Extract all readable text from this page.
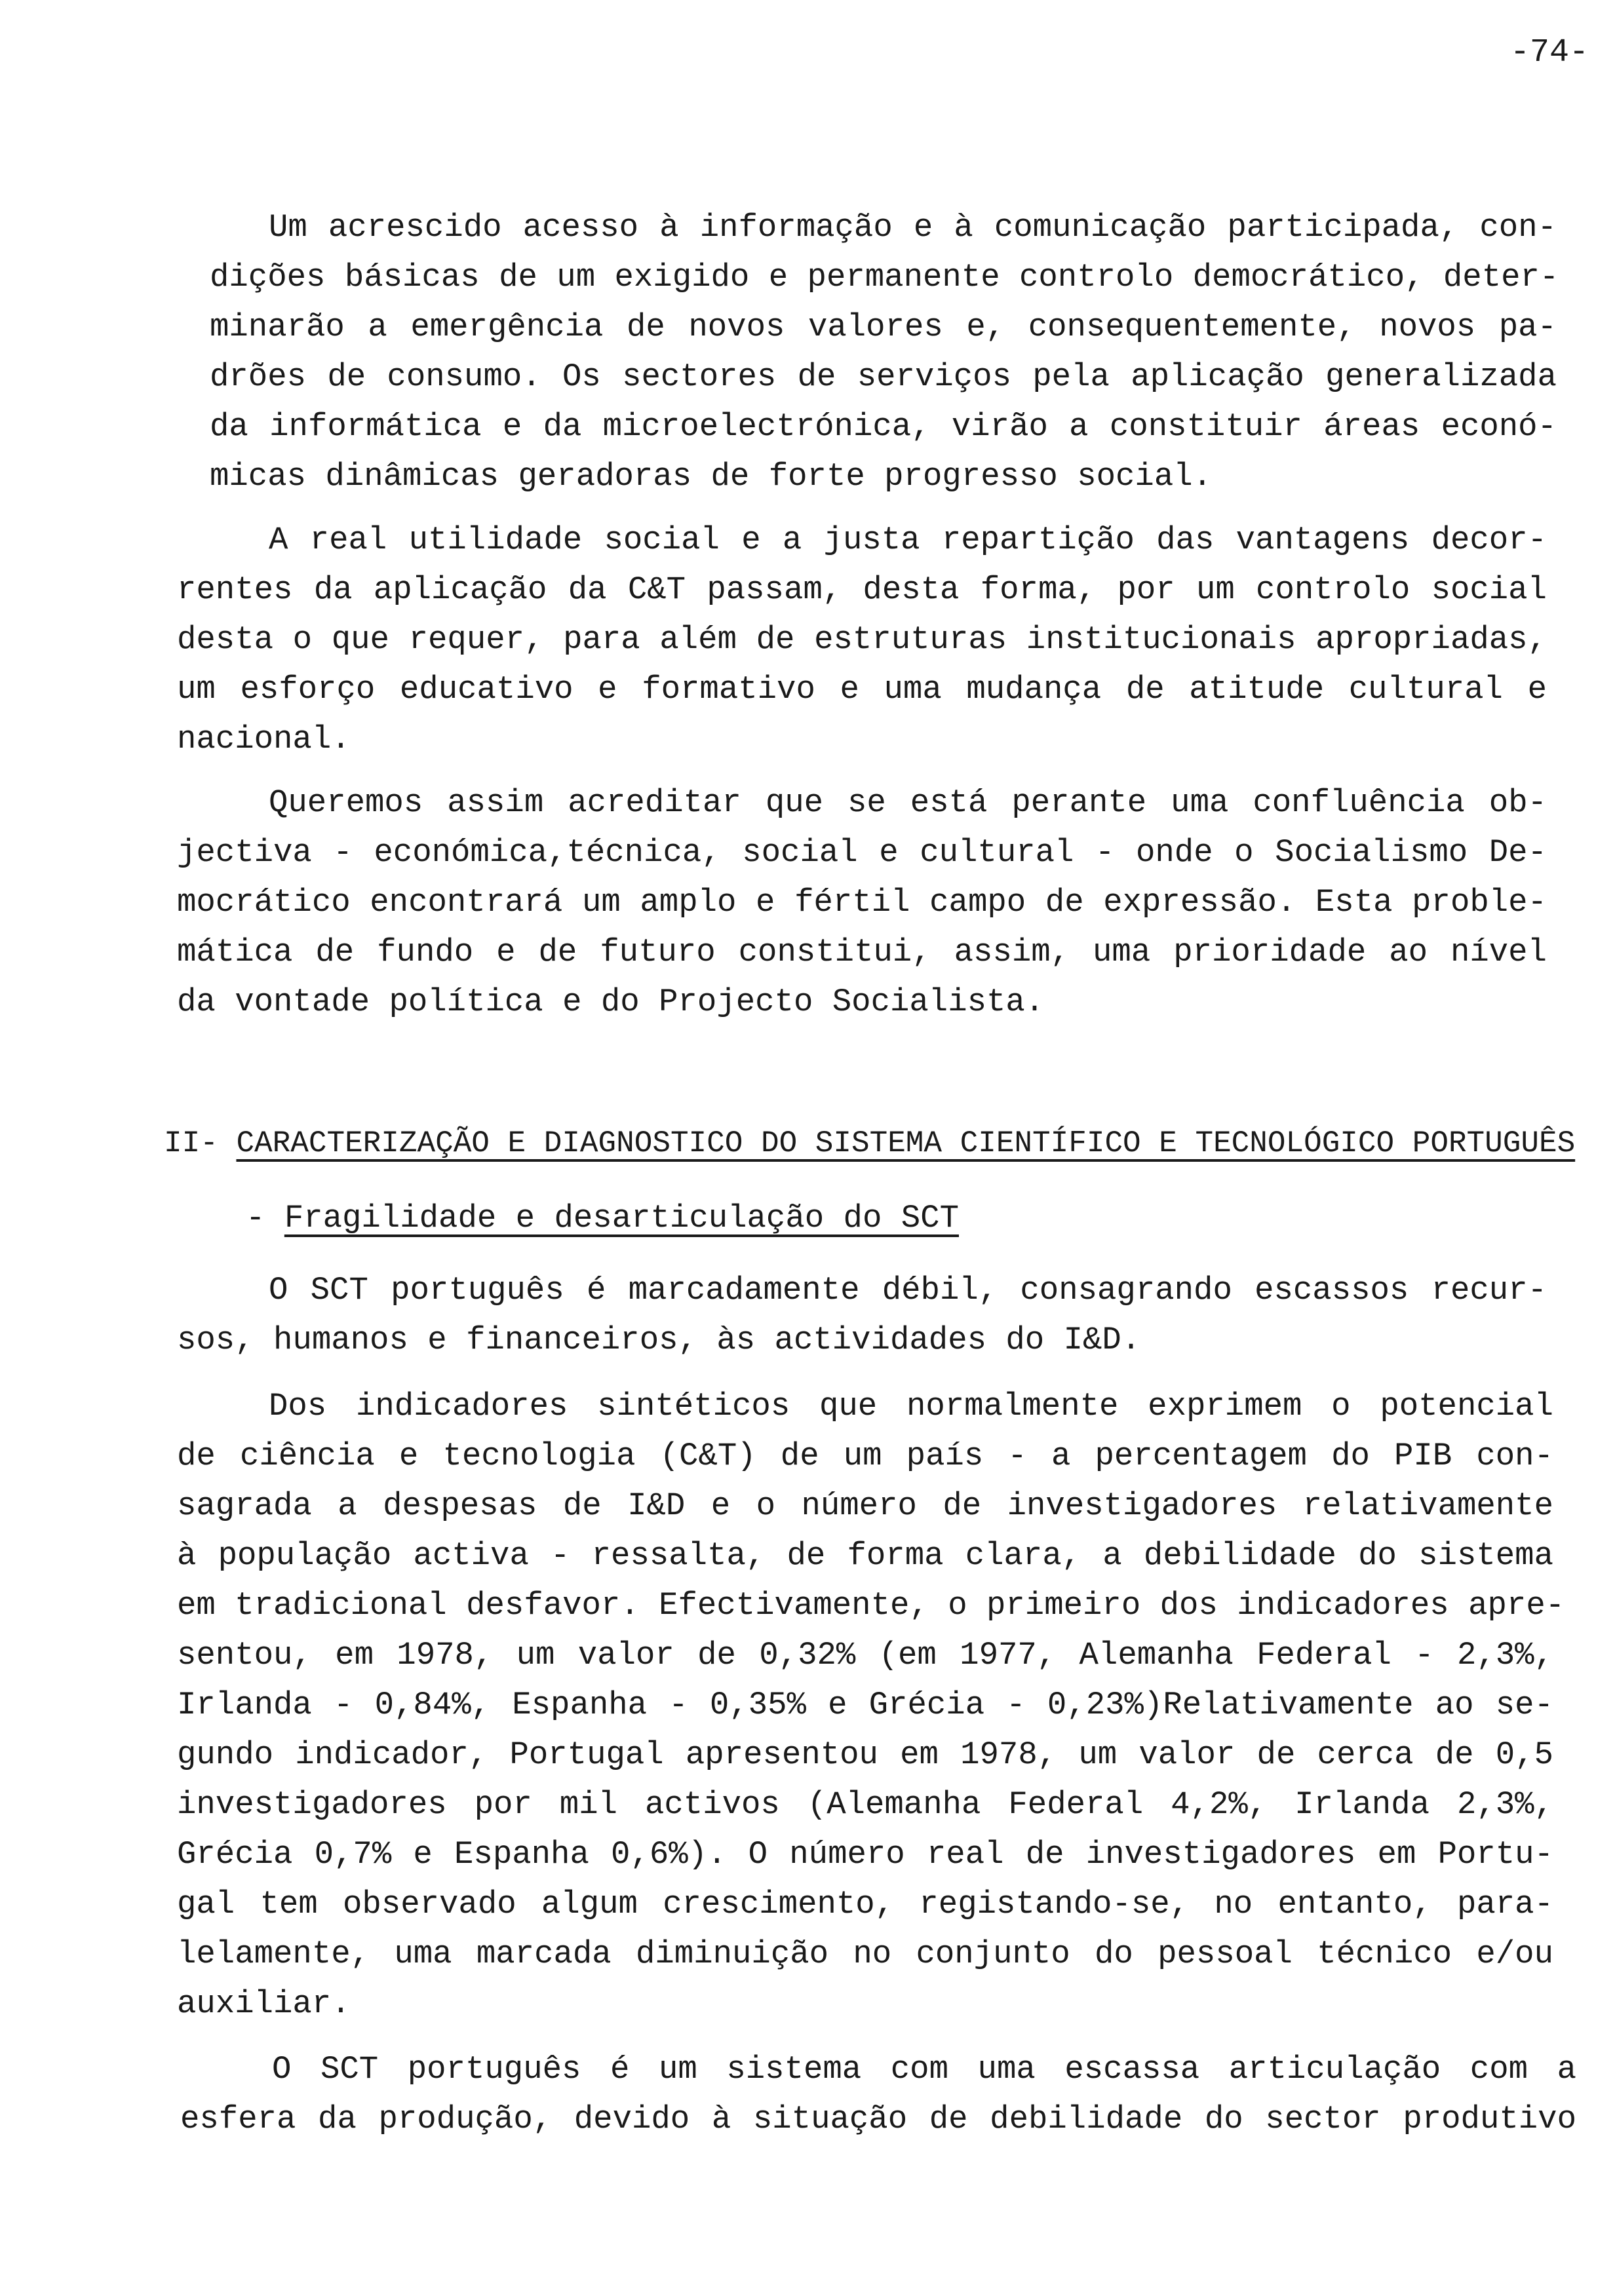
-74-
Um acrescido acesso à informação e à comunicação participada, con-
dições básicas de um exigido e permanente controlo democrático, deter-
minarão a emergência de novos valores e, consequentemente, novos pa-
drões de consumo. Os sectores de serviços pela aplicação generalizada
da informática e da microelectrónica, virão a constituir áreas econó-
micas dinâmicas geradoras de forte progresso social.
A real utilidade social e a justa repartição das vantagens decor-
rentes da aplicação da C&T passam, desta forma, por um controlo social
desta o que requer, para além de estruturas institucionais apropriadas,
um esforço educativo e formativo e uma mudança de atitude cultural e
nacional.
Queremos assim acreditar que se está perante uma confluência ob-
jectiva - económica,técnica, social e cultural - onde o Socialismo De-
mocrático encontrará um amplo e fértil campo de expressão. Esta proble-
mática de fundo e de futuro constitui, assim, uma prioridade ao nível
da vontade política e do Projecto Socialista.
II- CARACTERIZAÇÃO E DIAGNOSTICO DO SISTEMA CIENTÍFICO E TECNOLÓGICO PORTUGUÊS
- Fragilidade e desarticulação do SCT
O SCT português é marcadamente débil, consagrando escassos recur-
sos, humanos e financeiros, às actividades do I&D.
Dos indicadores sintéticos que normalmente exprimem o potencial
de ciência e tecnologia (C&T) de um país - a percentagem do PIB con-
sagrada a despesas de I&D e o número de investigadores relativamente
à população activa - ressalta, de forma clara, a debilidade do sistema
em tradicional desfavor. Efectivamente, o primeiro dos indicadores apre-
sentou, em 1978, um valor de 0,32% (em 1977, Alemanha Federal - 2,3%,
Irlanda - 0,84%, Espanha - 0,35% e Grécia - 0,23%)Relativamente ao se-
gundo indicador, Portugal apresentou em 1978, um valor de cerca de 0,5
investigadores por mil activos (Alemanha Federal 4,2%, Irlanda 2,3%,
Grécia 0,7% e Espanha 0,6%). O número real de investigadores em Portu-
gal tem observado algum crescimento, registando-se, no entanto, para-
lelamente, uma marcada diminuição no conjunto do pessoal técnico e/ou
auxiliar.
O SCT português é um sistema com uma escassa articulação com a
esfera da produção, devido à situação de debilidade do sector produtivo
